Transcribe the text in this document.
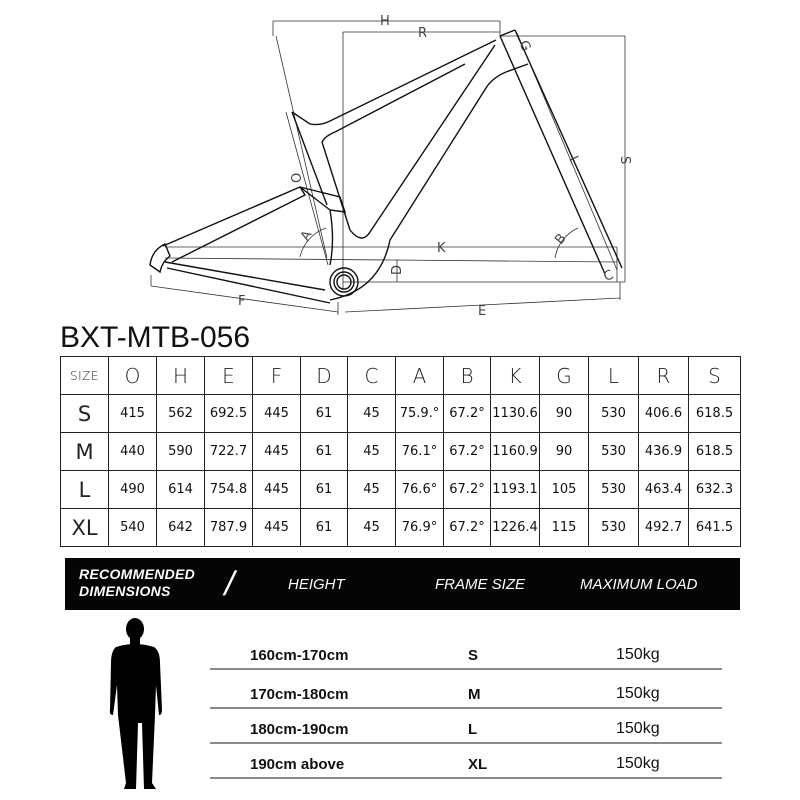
H
R
G
S
L
O
A	B
K
D
F
E
C
BXT-MTB-056
SIZE	O	H	E	F	D	C	A	B	K	G	L	R	S
S	415	562	692.5	445	61	45	75.9.°	67.2°	1130.6	90	530	406.6	618.5
M	440	590	722.7	445	61	45	76.1°	67.2°	1160.9	90	530	436.9	618.5
L	490	614	754.8	445	61	45	76.6°	67.2°	1193.1	105	530	463.4	632.3
XL	540	642	787.9	445	61	45	76.9°	67.2°	1226.4	115	530	492.7	641.5
RECOMMENDED
DIMENSIONS	/	HEIGHT	FRAME SIZE	MAXIMUM LOAD
160cm-170cm	S	150kg
170cm-180cm	M	150kg
180cm-190cm	L	150kg
190cm above	XL	150kg
